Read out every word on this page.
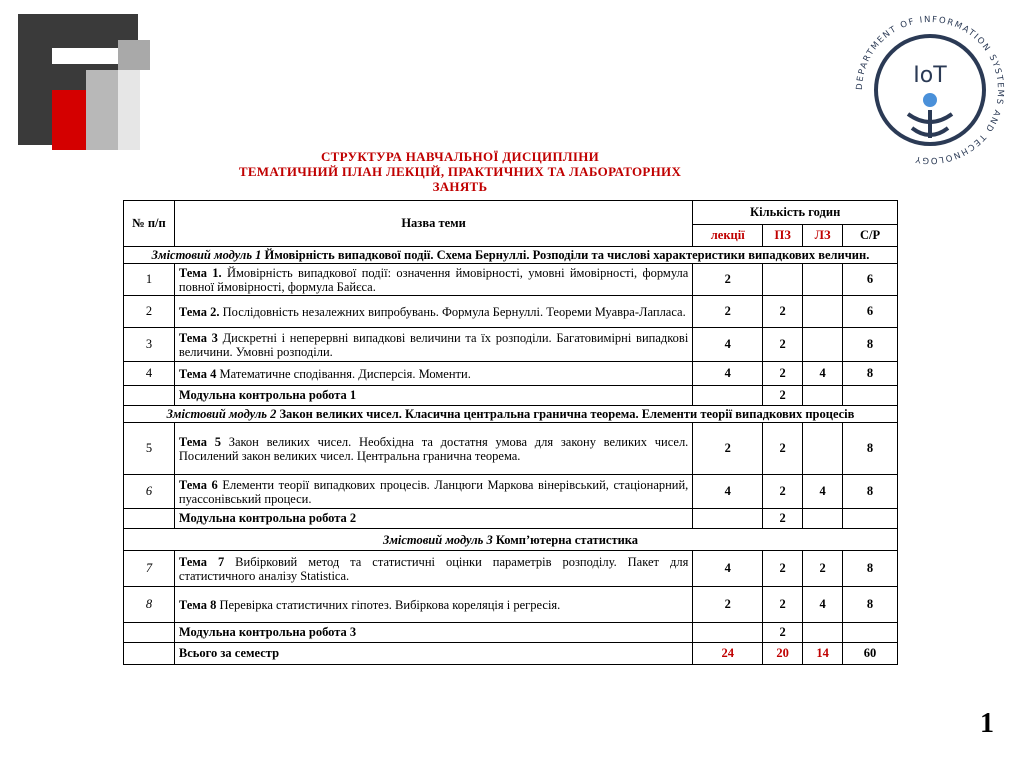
DEPARTMENT OF INFORMATION SYSTEMS AND TECHNOLOGY
IoT
СТРУКТУРА НАВЧАЛЬНОЇ ДИСЦИПЛІНИ
ТЕМАТИЧНИЙ ПЛАН ЛЕКЦІЙ, ПРАКТИЧНИХ ТА ЛАБОРАТОРНИХ
ЗАНЯТЬ
№ п/п	Назва теми	Кількість годин			
		лекції	ПЗ	ЛЗ	С/Р
Змістовий модуль 1 Ймовірність випадкової події. Схема Бернуллі. Розподіли та числові характеристики випадкових величин.					
1	Тема 1. Ймовірність випадкової події: означення ймовірності, умовні ймовірності, формула повної ймовірності, формула Байєса.	2			6
2	Тема 2. Послідовність незалежних випробувань. Формула Бернуллі. Теореми Муавра-Лапласа.	2	2		6
3	Тема 3 Дискретні і неперервні випадкові величини та їх розподіли. Багатовимірні випадкові величини. Умовні розподіли.	4	2		8
4	Тема 4 Математичне сподівання. Дисперсія. Моменти.	4	2	4	8
	Модульна контрольна робота 1		2		
Змістовий модуль 2 Закон великих чисел. Класична центральна гранична теорема. Елементи теорії випадкових процесів					
5	Тема 5 Закон великих чисел. Необхідна та достатня умова для закону великих чисел. Посилений закон великих чисел. Центральна гранична теорема.	2	2		8
6	Тема 6 Елементи теорії випадкових процесів. Ланцюги Маркова вінерівський, стаціонарний, пуассонівський процеси.	4	2	4	8
	Модульна контрольна робота 2		2		
Змістовий модуль 3 Комп’ютерна статистика					
7	Тема 7 Вибірковий метод та статистичні оцінки параметрів розподілу. Пакет для статистичного аналізу Statistica.	4	2	2	8
8	Тема 8 Перевірка статистичних гіпотез. Вибіркова кореляція і регресія.	2	2	4	8
	Модульна контрольна робота 3		2		
	Всього за семестр	24	20	14	60
1
